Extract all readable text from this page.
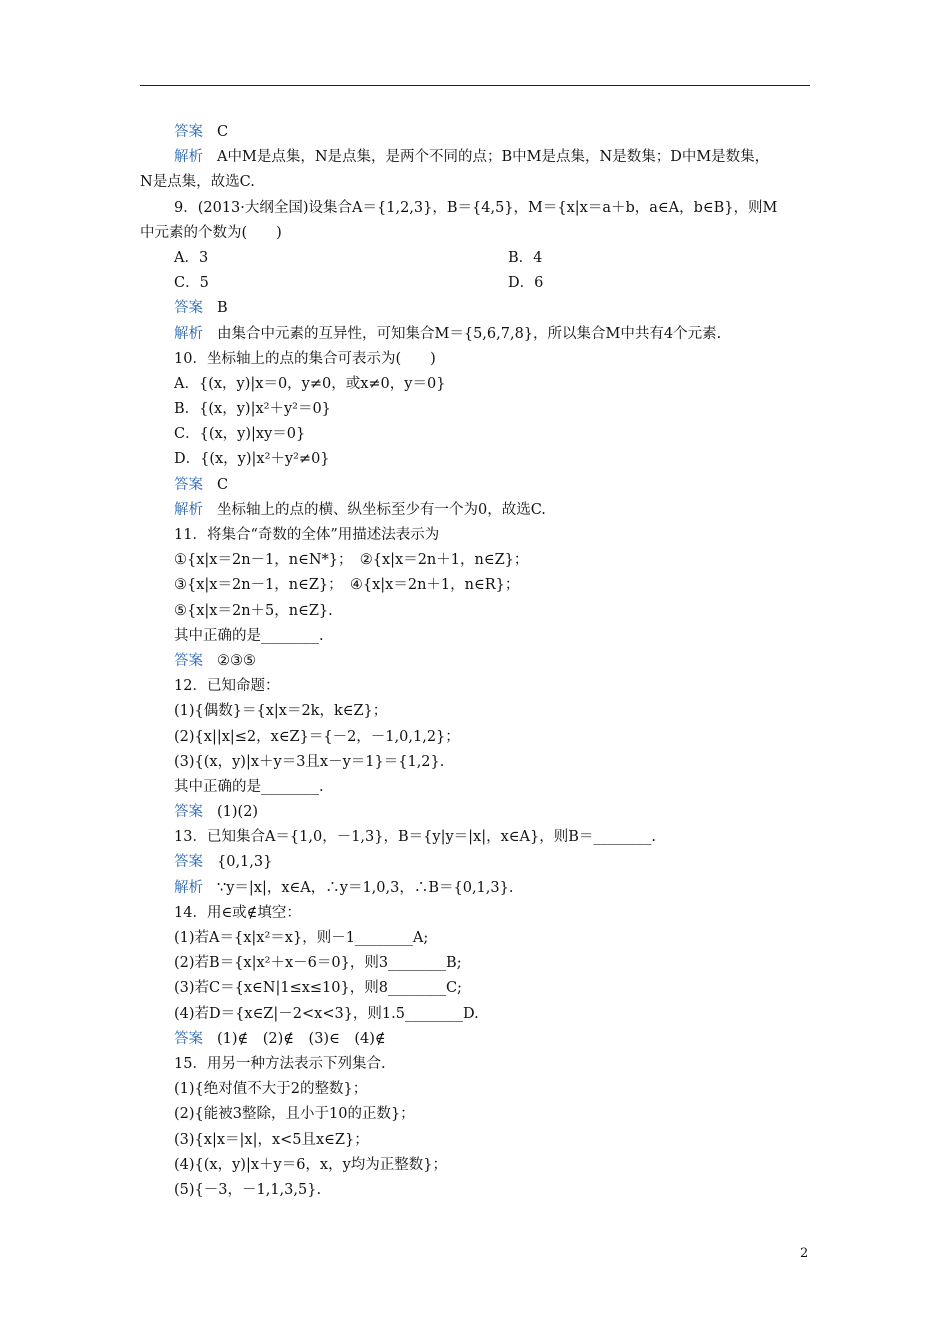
答案 C
解析 A中M是点集，N是点集，是两个不同的点；B中M是点集，N是数集；D中M是数集，
N是点集，故选C.
9．(2013·大纲全国)设集合A＝{1,2,3}，B＝{4,5}，M＝{x|x＝a＋b，a∈A，b∈B}，则M
中元素的个数为(　　)
A．3	B．4
C．5	D．6
答案 B
解析 由集合中元素的互异性，可知集合M＝{5,6,7,8}，所以集合M中共有4个元素.
10．坐标轴上的点的集合可表示为(　　)
A．{(x，y)|x＝0，y≠0，或x≠0，y＝0}
B．{(x，y)|x²＋y²＝0}
C．{(x，y)|xy＝0}
D．{(x，y)|x²＋y²≠0}
答案 C
解析 坐标轴上的点的横、纵坐标至少有一个为0，故选C.
11．将集合“奇数的全体”用描述法表示为
①{x|x＝2n－1，n∈N*}；　②{x|x＝2n＋1，n∈Z}；
③{x|x＝2n－1，n∈Z}；　④{x|x＝2n＋1，n∈R}；
⑤{x|x＝2n＋5，n∈Z}.
其中正确的是________.
答案 ②③⑤
12．已知命题：
(1){偶数}＝{x|x＝2k，k∈Z}；
(2){x||x|≤2，x∈Z}＝{－2，－1,0,1,2}；
(3){(x，y)|x＋y＝3且x－y＝1}＝{1,2}.
其中正确的是________.
答案 (1)(2)
13．已知集合A＝{1,0，－1,3}，B＝{y|y＝|x|，x∈A}，则B＝________.
答案 {0,1,3}
解析 ∵y＝|x|，x∈A，∴y＝1,0,3，∴B＝{0,1,3}.
14．用∈或∉填空：
(1)若A＝{x|x²＝x}，则－1________A;
(2)若B＝{x|x²＋x－6＝0}，则3________B;
(3)若C＝{x∈N|1≤x≤10}，则8________C;
(4)若D＝{x∈Z|－2<x<3}，则1.5________D.
答案 (1)∉　(2)∉　(3)∈　(4)∉
15．用另一种方法表示下列集合.
(1){绝对值不大于2的整数}；
(2){能被3整除，且小于10的正数}；
(3){x|x＝|x|，x<5且x∈Z}；
(4){(x，y)|x＋y＝6，x，y均为正整数}；
(5){－3，－1,1,3,5}.
2
